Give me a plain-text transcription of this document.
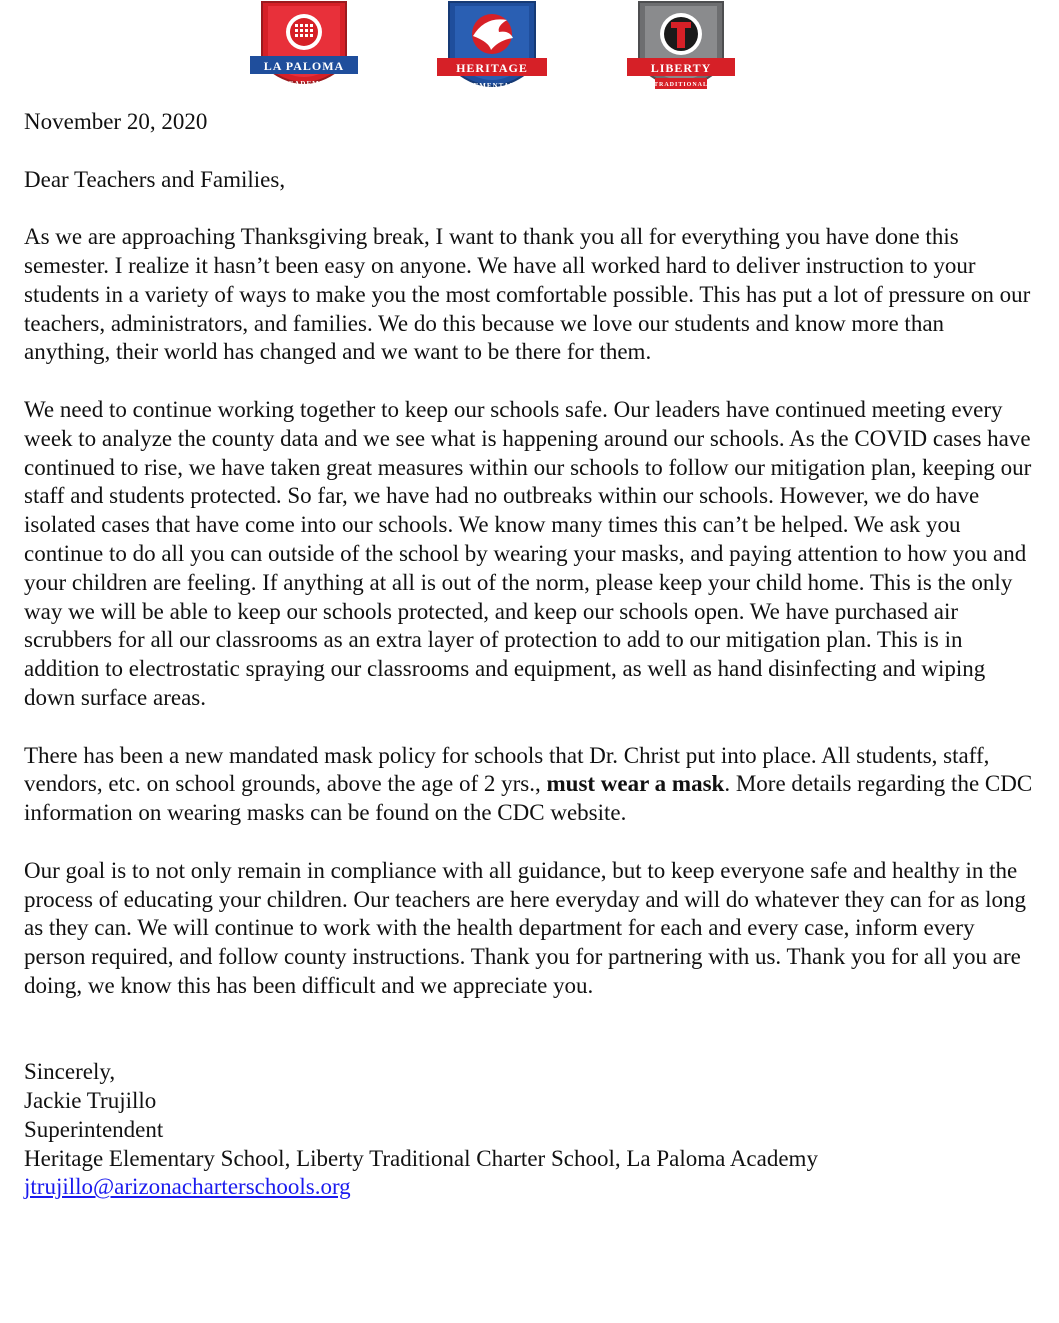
LA PALOMA
ACADEMY
HERITAGE
ELEMENTARY
LIBERTY
TRADITIONAL

November 20, 2020

Dear Teachers and Families,

As we are approaching Thanksgiving break, I want to thank you all for everything you have done this semester. I realize it hasn’t been easy on anyone. We have all worked hard to deliver instruction to your students in a variety of ways to make you the most comfortable possible. This has put a lot of pressure on our teachers, administrators, and families. We do this because we love our students and know more than anything, their world has changed and we want to be there for them.

We need to continue working together to keep our schools safe. Our leaders have continued meeting every week to analyze the county data and we see what is happening around our schools. As the COVID cases have continued to rise, we have taken great measures within our schools to follow our mitigation plan, keeping our staff and students protected. So far, we have had no outbreaks within our schools. However, we do have isolated cases that have come into our schools. We know many times this can’t be helped. We ask you continue to do all you can outside of the school by wearing your masks, and paying attention to how you and your children are feeling. If anything at all is out of the norm, please keep your child home. This is the only way we will be able to keep our schools protected, and keep our schools open. We have purchased air scrubbers for all our classrooms as an extra layer of protection to add to our mitigation plan. This is in addition to electrostatic spraying our classrooms and equipment, as well as hand disinfecting and wiping down surface areas.

There has been a new mandated mask policy for schools that Dr. Christ put into place. All students, staff, vendors, etc. on school grounds, above the age of 2 yrs., must wear a mask. More details regarding the CDC information on wearing masks can be found on the CDC website.

Our goal is to not only remain in compliance with all guidance, but to keep everyone safe and healthy in the process of educating your children. Our teachers are here everyday and will do whatever they can for as long as they can. We will continue to work with the health department for each and every case, inform every person required, and follow county instructions. Thank you for partnering with us. Thank you for all you are doing, we know this has been difficult and we appreciate you.

Sincerely,
Jackie Trujillo
Superintendent
Heritage Elementary School, Liberty Traditional Charter School, La Paloma Academy
jtrujillo@arizonacharterschools.org
